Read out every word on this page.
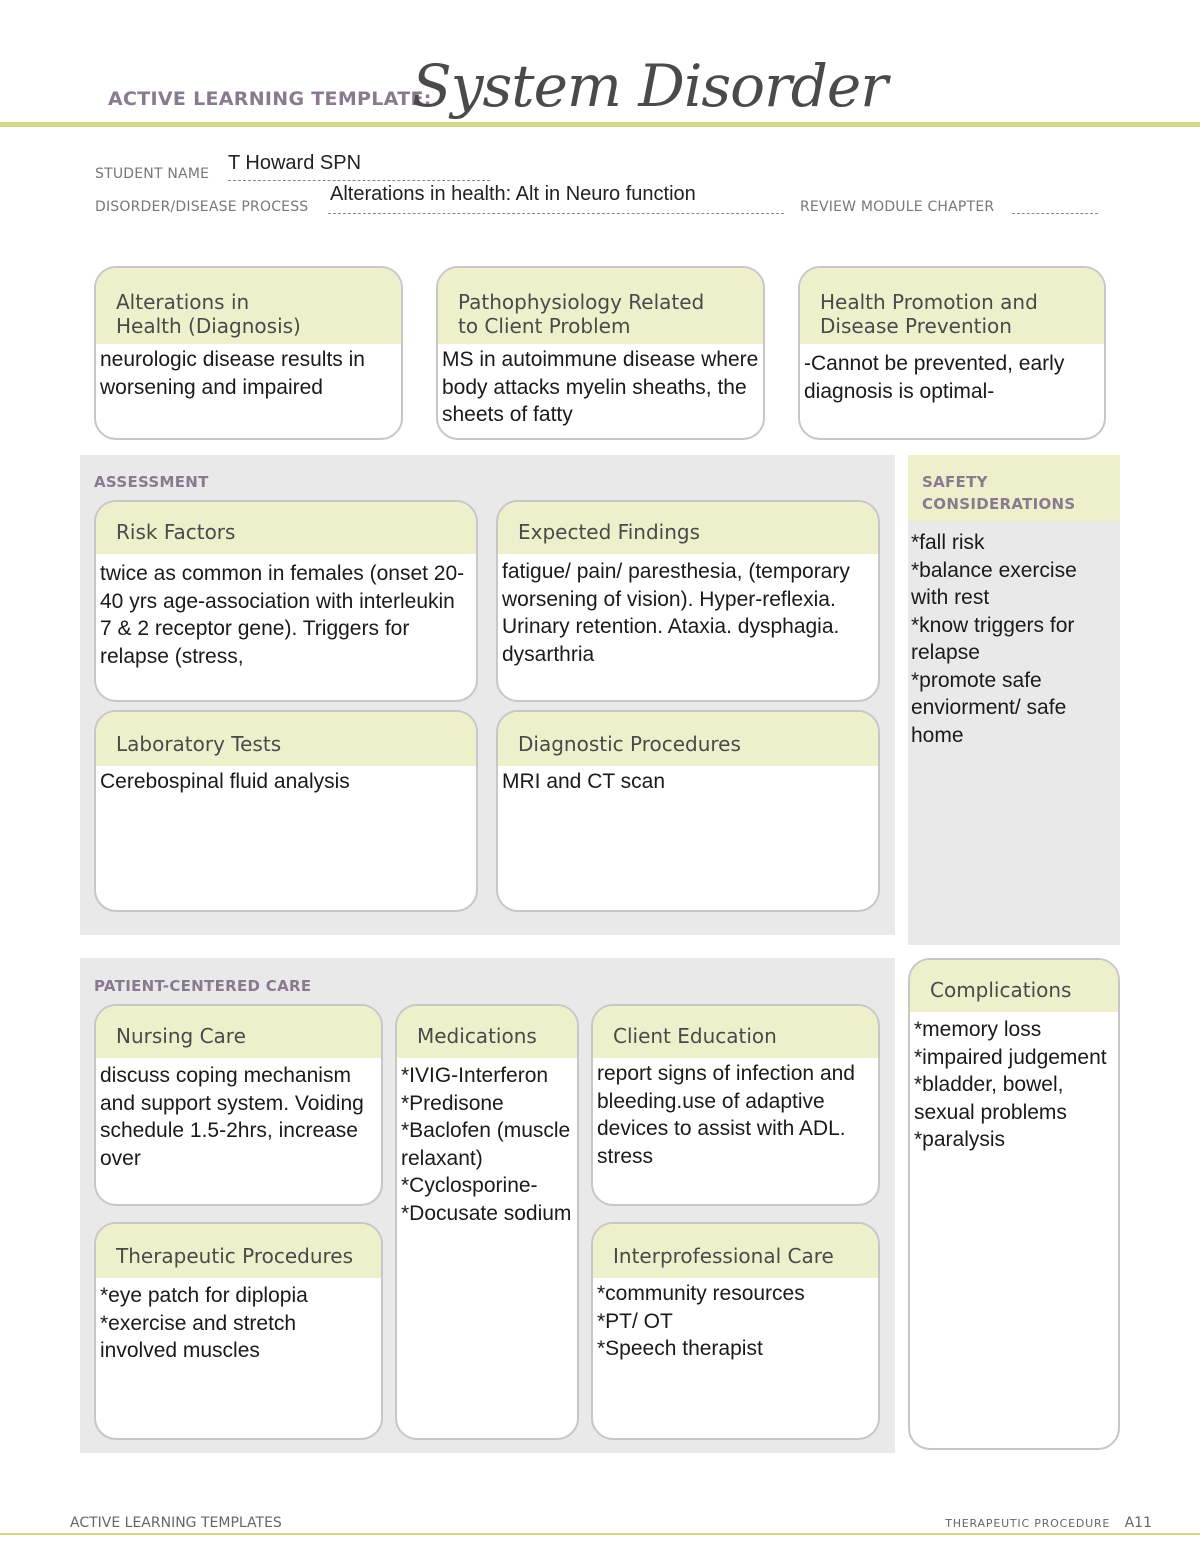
ACTIVE LEARNING TEMPLATE:
System Disorder
STUDENT NAME T Howard SPN
DISORDER/DISEASE PROCESS
Alterations in health: Alt in Neuro function
REVIEW MODULE CHAPTER
Alterations in
Health (Diagnosis)
neurologic disease results in worsening and impaired
Pathophysiology Related
to Client Problem
MS in autoimmune disease where body attacks myelin sheaths, the sheets of fatty
Health Promotion and
Disease Prevention
-Cannot be prevented, early diagnosis is optimal-
ASSESSMENT
Risk Factors
twice as common in females (onset 20-40 yrs age-association with interleukin 7 & 2 receptor gene). Triggers for relapse (stress,
Expected Findings
fatigue/ pain/ paresthesia, (temporary worsening of vision). Hyper-reflexia. Urinary retention. Ataxia. dysphagia. dysarthria
Laboratory Tests
Cerebospinal fluid analysis
Diagnostic Procedures
MRI and CT scan
SAFETY
CONSIDERATIONS
*fall risk
*balance exercise with rest
*know triggers for relapse
*promote safe enviorment/ safe home
PATIENT-CENTERED CARE
Nursing Care
discuss coping mechanism and support system. Voiding schedule 1.5-2hrs, increase over
Medications
*IVIG-Interferon
*Predisone
*Baclofen (muscle relaxant)
*Cyclosporine-
*Docusate sodium
Client Education
report signs of infection and bleeding.use of adaptive devices to assist with ADL. stress
Therapeutic Procedures
*eye patch for diplopia
*exercise and stretch involved muscles
Interprofessional Care
*community resources
*PT/ OT
*Speech therapist
Complications
*memory loss
*impaired judgement
*bladder, bowel, sexual problems
*paralysis
ACTIVE LEARNING TEMPLATES	THERAPEUTIC PROCEDURE A11
